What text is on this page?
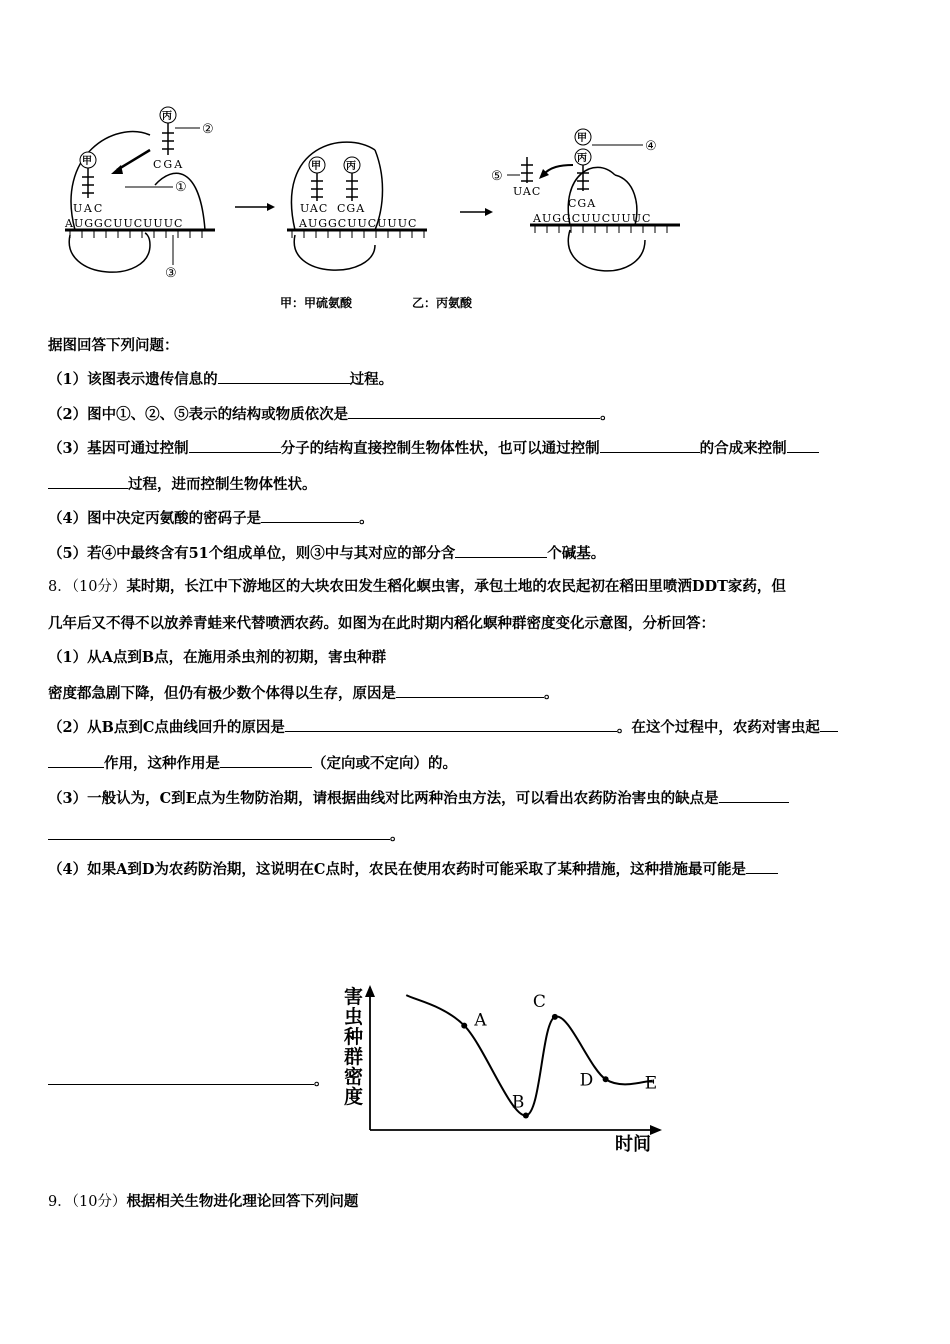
AUGGCUUCUUUC
UAC
甲	CGA
丙
②
①
③
AUGGCUUCUUUC
UAC CGA
甲	丙
AUGGCUUCUUUC
CGA
UAC
⑤
甲
丙
④
甲：甲硫氨酸	乙：丙氨酸
据图回答下列问题：
（1）该图表示遗传信息的	过程。
（2）图中①、②、⑤表示的结构或物质依次是	。
（3）基因可通过控制	分子的结构直接控制生物体性状，也可以通过控制	的合成来控制
过程，进而控制生物体性状。
（4）图中决定丙氨酸的密码子是	。
（5）若④中最终含有51个组成单位，则③中与其对应的部分含	个碱基。
8．（10分）某时期，长江中下游地区的大块农田发生稻化螟虫害，承包土地的农民起初在稻田里喷洒DDT家药，但
几年后又不得不以放养青蛙来代替喷洒农药。如图为在此时期内稻化螟种群密度变化示意图，分析回答：
（1）从A点到B点，在施用杀虫剂的初期，害虫种群
密度都急剧下降，但仍有极少数个体得以生存，原因是	。
（2）从B点到C点曲线回升的原因是	。在这个过程中，农药对害虫起
作用，这种作用是	（定向或不定向）的。
（3）一般认为，C到E点为生物防治期，请根据曲线对比两种治虫方法，可以看出农药防治害虫的缺点是
。
（4）如果A到D为农药防治期，这说明在C点时，农民在使用农药时可能采取了某种措施，这种措施最可能是
。
害虫种群密度
时间
A
B
C
D	E
9．（10分）根据相关生物进化理论回答下列问题
